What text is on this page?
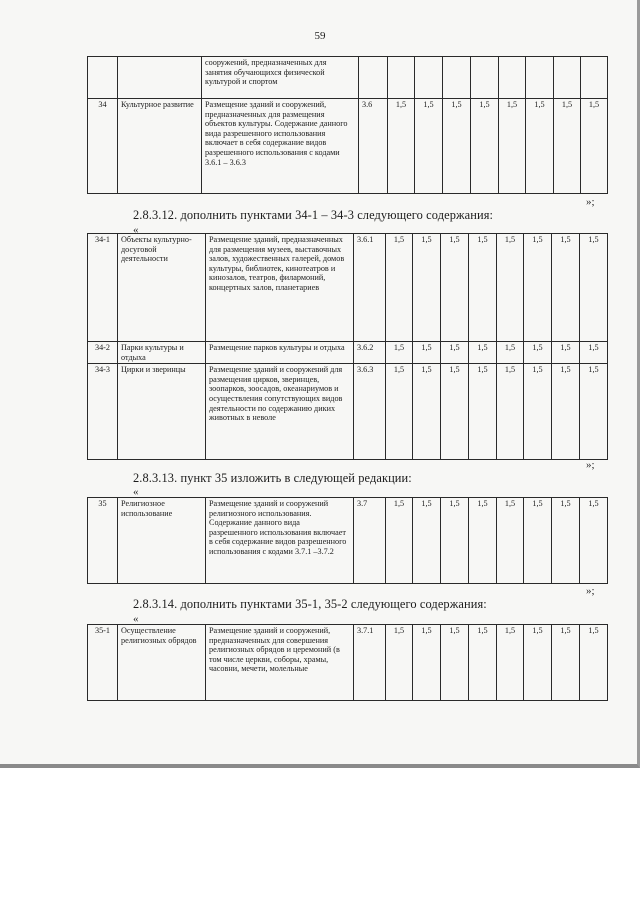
59
		сооружений, предназначенных для занятия обучающихся физической культурой и спортом									
34	Культурное развитие	Размещение зданий и сооружений, предназначенных для размещения объектов культуры. Содержание данного вида разрешенного использования включает в себя содержание видов разрешенного использования с кодами 3.6.1 – 3.6.3	3.6	1,5	1,5	1,5	1,5	1,5	1,5	1,5	1,5
»;
2.8.3.12. дополнить пунктами 34-1 – 34-3 следующего содержания:
«
34-1	Объекты культурно-досуговой деятельности	Размещение зданий, предназначенных для размещения музеев, выставочных залов, художественных галерей, домов культуры, библиотек, кинотеатров и кинозалов, театров, филармоний, концертных залов, планетариев	3.6.1	1,5	1,5	1,5	1,5	1,5	1,5	1,5	1,5
34-2	Парки культуры и отдыха	Размещение парков культуры и отдыха	3.6.2	1,5	1,5	1,5	1,5	1,5	1,5	1,5	1,5
34-3	Цирки и зверинцы	Размещение зданий и сооружений для размещения цирков, зверинцев, зоопарков, зоосадов, океанариумов и осуществления сопутствующих видов деятельности по содержанию диких животных в неволе	3.6.3	1,5	1,5	1,5	1,5	1,5	1,5	1,5	1,5
»;
2.8.3.13. пункт 35 изложить в следующей редакции:
«
35	Религиозное использование	Размещение зданий и сооружений религиозного использования. Содержание данного вида разрешенного использования включает в себя содержание видов разрешенного использования с кодами 3.7.1 –3.7.2	3.7	1,5	1,5	1,5	1,5	1,5	1,5	1,5	1,5
»;
2.8.3.14. дополнить пунктами 35-1, 35-2 следующего содержания:
«
35-1	Осуществление религиозных обрядов	Размещение зданий и сооружений, предназначенных для совершения религиозных обрядов и церемоний (в том числе церкви, соборы, храмы, часовни, мечети, молельные	3.7.1	1,5	1,5	1,5	1,5	1,5	1,5	1,5	1,5
